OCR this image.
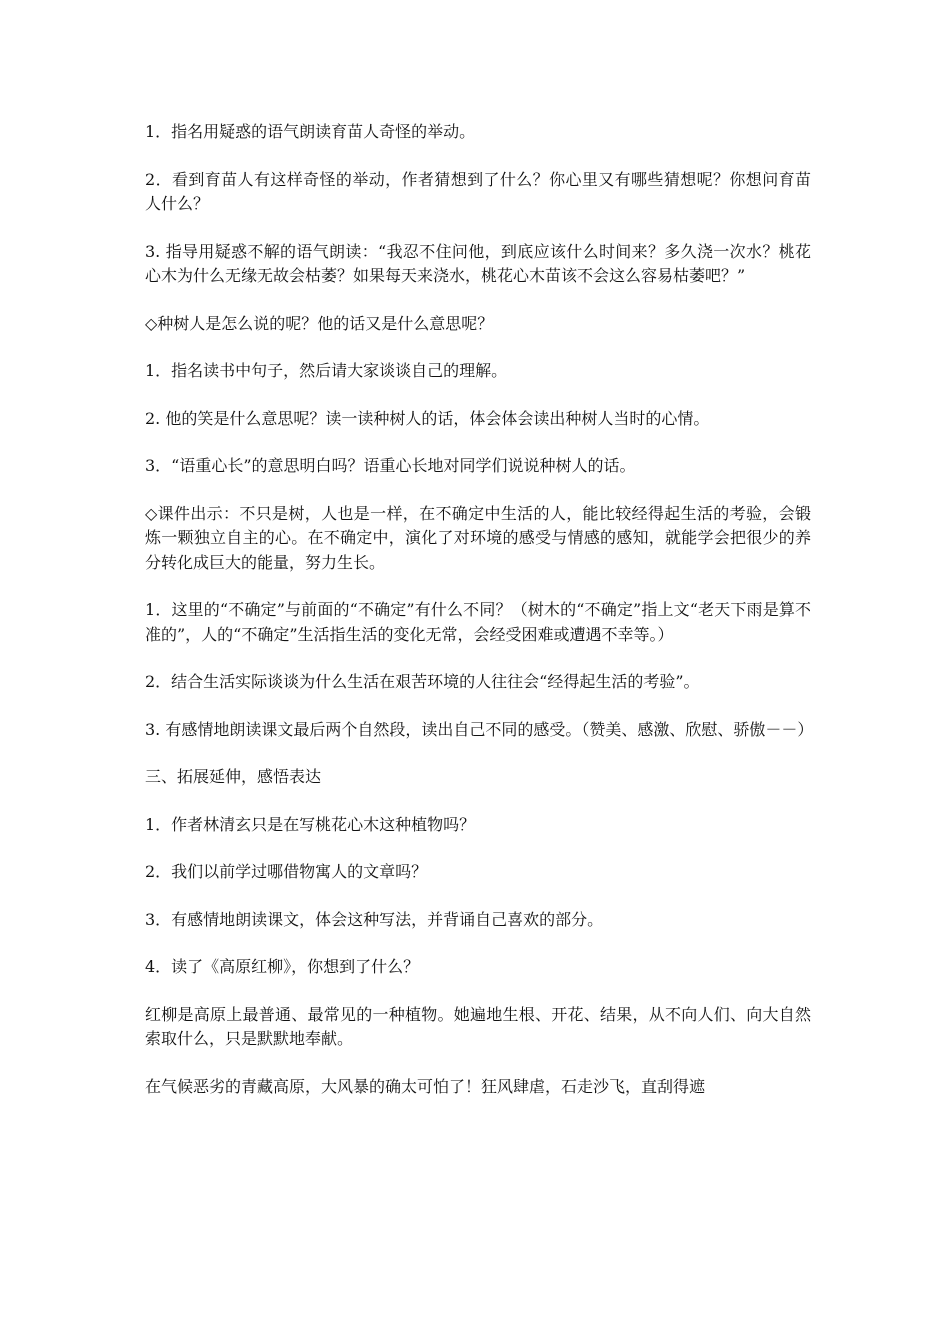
1．指名用疑惑的语气朗读育苗人奇怪的举动。

2．看到育苗人有这样奇怪的举动，作者猜想到了什么？你心里又有哪些猜想呢？你想问育苗人什么？

3. 指导用疑惑不解的语气朗读：“我忍不住问他，到底应该什么时间来？多久浇一次水？桃花心木为什么无缘无故会枯萎？如果每天来浇水，桃花心木苗该不会这么容易枯萎吧？”

◇种树人是怎么说的呢？他的话又是什么意思呢？

1．指名读书中句子，然后请大家谈谈自己的理解。

2. 他的笑是什么意思呢？读一读种树人的话，体会体会读出种树人当时的心情。

3．“语重心长”的意思明白吗？语重心长地对同学们说说种树人的话。

◇课件出示：不只是树，人也是一样，在不确定中生活的人，能比较经得起生活的考验，会锻炼一颗独立自主的心。在不确定中，演化了对环境的感受与情感的感知，就能学会把很少的养分转化成巨大的能量，努力生长。

1．这里的“不确定”与前面的“不确定”有什么不同？（树木的“不确定”指上文“老天下雨是算不准的”，人的“不确定”生活指生活的变化无常，会经受困难或遭遇不幸等。）

2．结合生活实际谈谈为什么生活在艰苦环境的人往往会“经得起生活的考验”。

3. 有感情地朗读课文最后两个自然段，读出自己不同的感受。（赞美、感激、欣慰、骄傲－－）

三、拓展延伸，感悟表达

1．作者林清玄只是在写桃花心木这种植物吗？

2．我们以前学过哪借物寓人的文章吗？

3．有感情地朗读课文，体会这种写法，并背诵自己喜欢的部分。

4．读了《高原红柳》，你想到了什么？

红柳是高原上最普通、最常见的一种植物。她遍地生根、开花、结果，从不向人们、向大自然索取什么，只是默默地奉献。

在气候恶劣的青藏高原，大风暴的确太可怕了！狂风肆虐，石走沙飞，直刮得遮
